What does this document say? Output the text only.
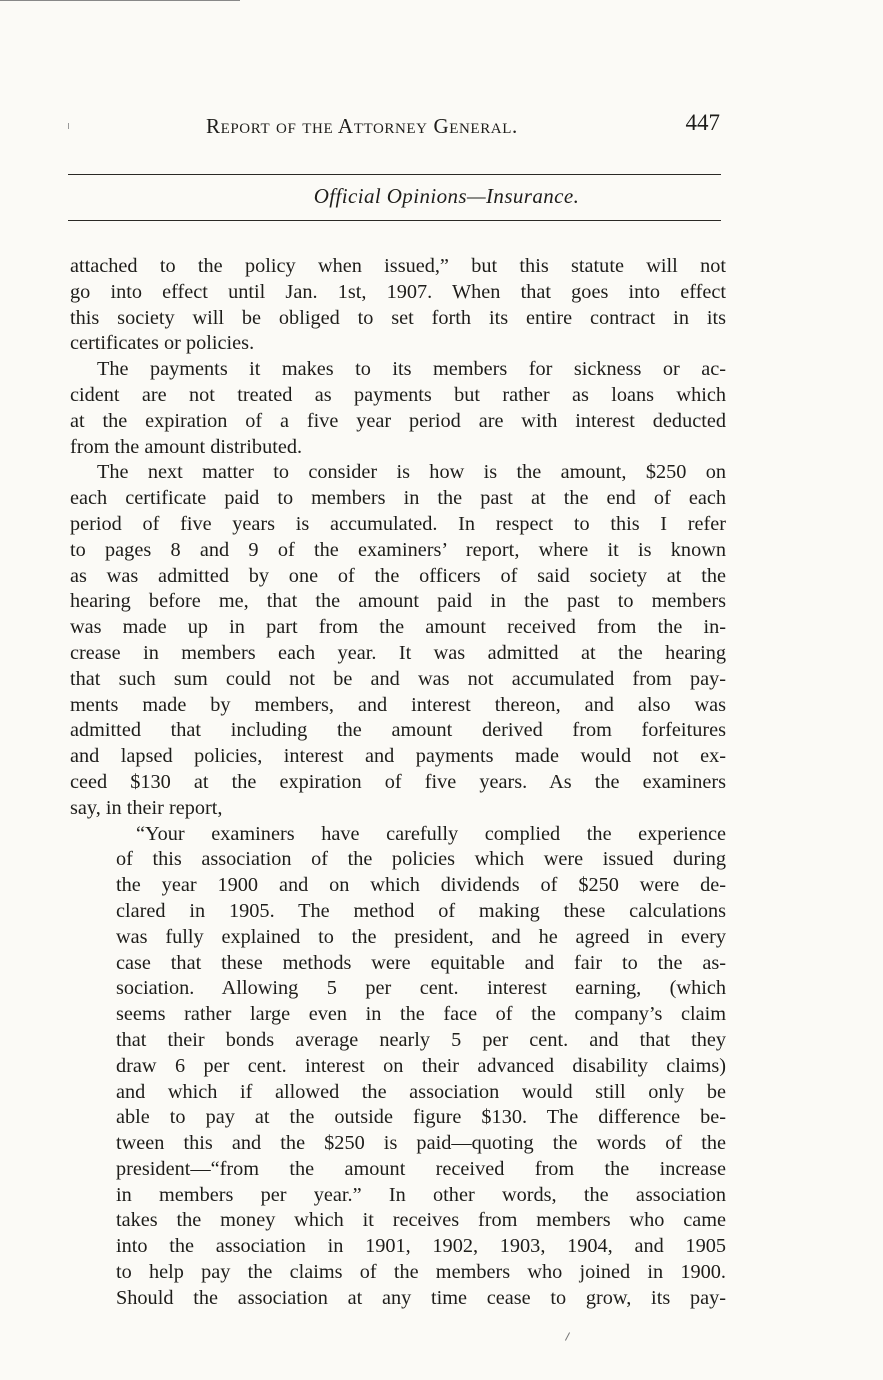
Report of the Attorney General.	447
Official Opinions—Insurance.
attached to the policy when issued,” but this statute will not
go into effect until Jan. 1st, 1907. When that goes into effect
this society will be obliged to set forth its entire contract in its
certificates or policies.
The payments it makes to its members for sickness or ac-
cident are not treated as payments but rather as loans which
at the expiration of a five year period are with interest deducted
from the amount distributed.
The next matter to consider is how is the amount, $250 on
each certificate paid to members in the past at the end of each
period of five years is accumulated. In respect to this I refer
to pages 8 and 9 of the examiners’ report, where it is known
as was admitted by one of the officers of said society at the
hearing before me, that the amount paid in the past to members
was made up in part from the amount received from the in-
crease in members each year. It was admitted at the hearing
that such sum could not be and was not accumulated from pay-
ments made by members, and interest thereon, and also was
admitted that including the amount derived from forfeitures
and lapsed policies, interest and payments made would not ex-
ceed $130 at the expiration of five years. As the examiners
say, in their report,
“Your examiners have carefully complied the experience
of this association of the policies which were issued during
the year 1900 and on which dividends of $250 were de-
clared in 1905. The method of making these calculations
was fully explained to the president, and he agreed in every
case that these methods were equitable and fair to the as-
sociation. Allowing 5 per cent. interest earning, (which
seems rather large even in the face of the company’s claim
that their bonds average nearly 5 per cent. and that they
draw 6 per cent. interest on their advanced disability claims)
and which if allowed the association would still only be
able to pay at the outside figure $130. The difference be-
tween this and the $250 is paid—quoting the words of the
president—“from the amount received from the increase
in members per year.” In other words, the association
takes the money which it receives from members who came
into the association in 1901, 1902, 1903, 1904, and 1905
to help pay the claims of the members who joined in 1900.
Should the association at any time cease to grow, its pay-
